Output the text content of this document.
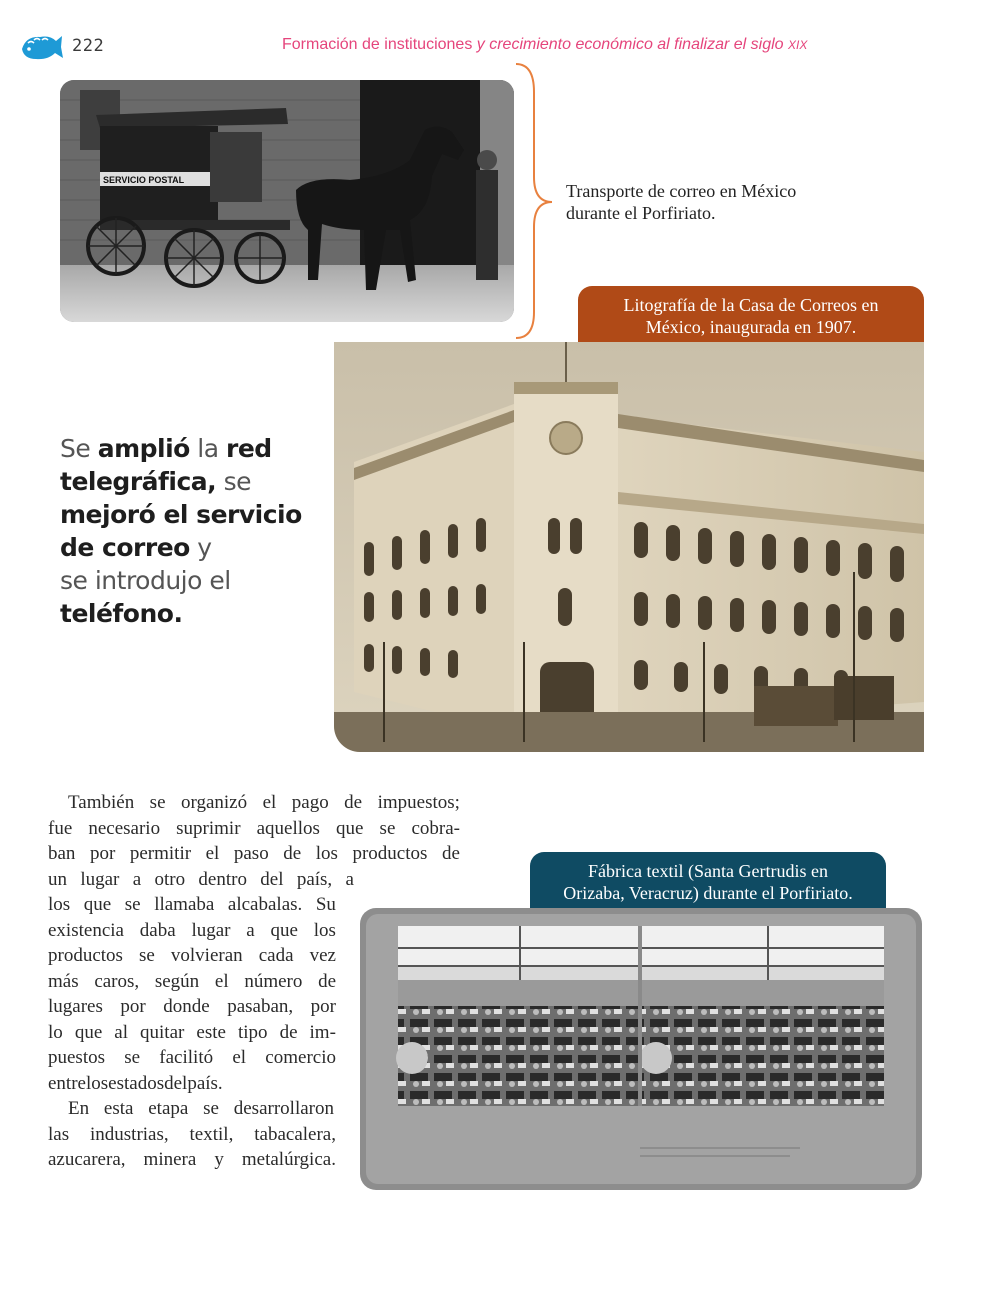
222	Formación de instituciones y crecimiento económico al finalizar el siglo XIX
SERVICIO POSTAL
Transporte de correo en México
durante el Porfiriato.
Litografía de la Casa de Correos en
México, inaugurada en 1907.
Se amplió la red
telegráfica, se
mejoró el servicio
de correo y
se introdujo el
teléfono.
También se organizó el pago de impuestos;
fue necesario suprimir aquellos que se cobra-
ban por permitir el paso de los productos de
un lugar a otro dentro del país, a
los que se llamaba alcabalas. Su
existencia daba lugar a que los
productos se volvieran cada vez
más caros, según el número de
lugares por donde pasaban, por
lo que al quitar este tipo de im-
puestos se facilitó el comercio
entre los estados del país.
En esta etapa se desarrollaron
las industrias, textil, tabacalera,
azucarera, minera y metalúrgica.
Fábrica textil (Santa Gertrudis en
Orizaba, Veracruz) durante el Porfiriato.
